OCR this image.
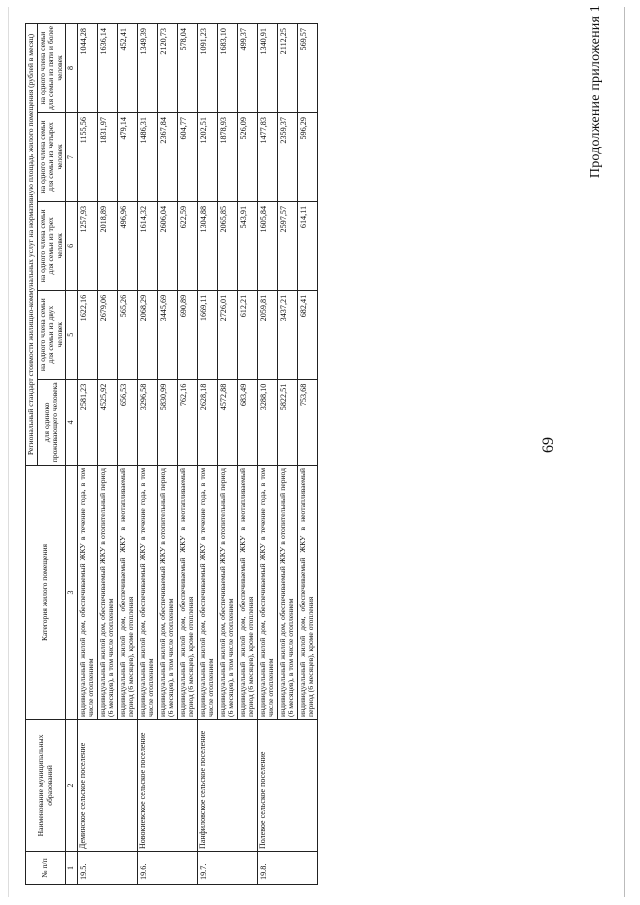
69
Продолжение приложения 1
№ п/п	Наименование муниципальных образований	Категория жилого помещения	Региональный стандарт стоимости жилищно-коммунальных услуг на нормативную площадь жилого помещения (рублей в месяц)				
			для одиноко проживающего человека	на одного члена семьи для семьи из двух человек	на одного члена семьи для семьи из трех человек	на одного члена семьи для семьи из четырех человек	на одного члена семьи для семьи из пяти и более человек
1	2	3	4	5	6	7	8
19.5.	Деминское сельское поселение	индивидуальный жилой дом, обеспечиваемый ЖКУ в течение года, в том числе отоплением	2581,23	1622,16	1257,93	1155,56	1044,28
		индивидуальный жилой дом, обеспечиваемый ЖКУ в отопительный период (6 месяцев), в том числе отоплением	4525,92	2679,06	2018,89	1831,97	1636,14
		индивидуальный жилой дом, обеспечиваемый ЖКУ в неотапливаемый период (6 месяцев), кроме отопления	656,53	565,26	496,96	479,14	452,41
19.6.	Новокиевское сельское поселение	индивидуальный жилой дом, обеспечиваемый ЖКУ в течение года, в том числе отоплением	3296,58	2068,29	1614,32	1486,31	1349,39
		индивидуальный жилой дом, обеспечиваемый ЖКУ в отопительный период (6 месяцев), в том числе отоплением	5830,99	3445,69	2606,04	2367,84	2120,73
		индивидуальный жилой дом, обеспечиваемый ЖКУ в неотапливаемый период (6 месяцев), кроме отопления	762,16	690,89	622,59	604,77	578,04
19.7.	Панфиловское сельское поселение	индивидуальный жилой дом, обеспечиваемый ЖКУ в течение года, в том числе отоплением	2628,18	1669,11	1304,88	1202,51	1091,23
		индивидуальный жилой дом, обеспечиваемый ЖКУ в отопительный период (6 месяцев), в том числе отоплением	4572,88	2726,01	2065,85	1878,93	1683,10
		индивидуальный жилой дом, обеспечиваемый ЖКУ в неотапливаемый период (6 месяцев), кроме отопления	683,49	612,21	543,91	526,09	499,37
19.8.	Полевое сельское поселение	индивидуальный жилой дом, обеспечиваемый ЖКУ в течение года, в том числе отоплением	3288,10	2059,81	1605,84	1477,83	1340,91
		индивидуальный жилой дом, обеспечиваемый ЖКУ в отопительный период (6 месяцев), в том числе отоплением	5822,51	3437,21	2597,57	2359,37	2112,25
		индивидуальный жилой дом, обеспечиваемый ЖКУ в неотапливаемый период (6 месяцев), кроме отопления	753,68	682,41	614,11	596,29	569,57
